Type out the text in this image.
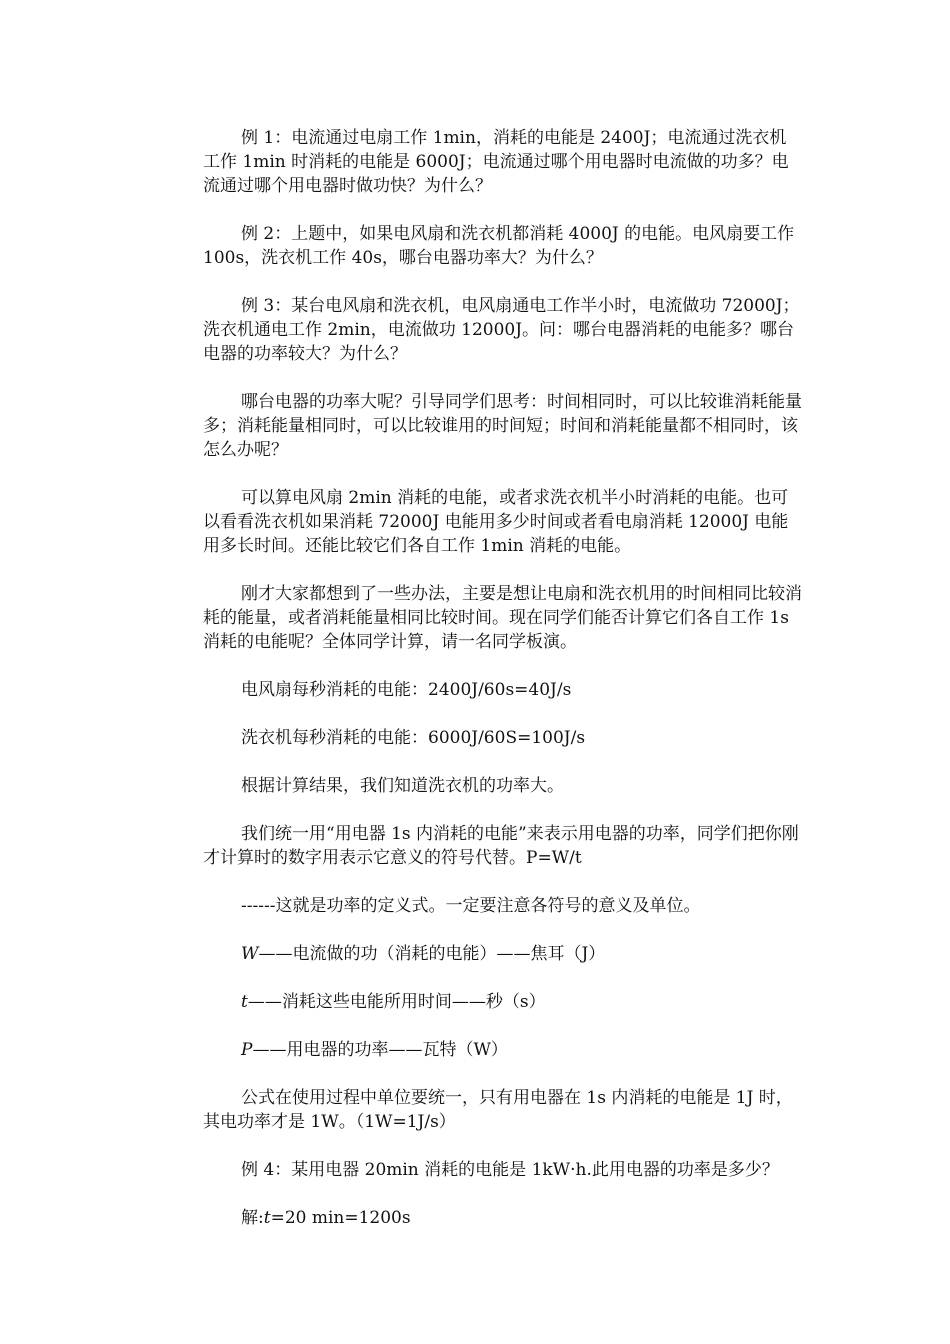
例 1：电流通过电扇工作 1min，消耗的电能是 2400J；电流通过洗衣机工作 1min 时消耗的电能是 6000J；电流通过哪个用电器时电流做的功多？电流通过哪个用电器时做功快？为什么？

例 2：上题中，如果电风扇和洗衣机都消耗 4000J 的电能。电风扇要工作 100s，洗衣机工作 40s，哪台电器功率大？为什么？

例 3：某台电风扇和洗衣机，电风扇通电工作半小时，电流做功 72000J；洗衣机通电工作 2min，电流做功 12000J。问：哪台电器消耗的电能多？哪台电器的功率较大？为什么？

哪台电器的功率大呢？引导同学们思考：时间相同时，可以比较谁消耗能量多；消耗能量相同时，可以比较谁用的时间短；时间和消耗能量都不相同时，该怎么办呢？

可以算电风扇 2min 消耗的电能，或者求洗衣机半小时消耗的电能。也可以看看洗衣机如果消耗 72000J 电能用多少时间或者看电扇消耗 12000J 电能用多长时间。还能比较它们各自工作 1min 消耗的电能。

刚才大家都想到了一些办法，主要是想让电扇和洗衣机用的时间相同比较消耗的能量，或者消耗能量相同比较时间。现在同学们能否计算它们各自工作 1s 消耗的电能呢？全体同学计算，请一名同学板演。

电风扇每秒消耗的电能：2400J/60s=40J/s

洗衣机每秒消耗的电能：6000J/60S=100J/s

根据计算结果，我们知道洗衣机的功率大。

我们统一用“用电器 1s 内消耗的电能”来表示用电器的功率，同学们把你刚才计算时的数字用表示它意义的符号代替。P=W/t

------这就是功率的定义式。一定要注意各符号的意义及单位。

W——电流做的功（消耗的电能）——焦耳（J）

t——消耗这些电能所用时间——秒（s）

P——用电器的功率——瓦特（W）

公式在使用过程中单位要统一，只有用电器在 1s 内消耗的电能是 1J 时，其电功率才是 1W。（1W=1J/s）

例 4：某用电器 20min 消耗的电能是 1kW·h.此用电器的功率是多少？

解:t=20 min=1200s
